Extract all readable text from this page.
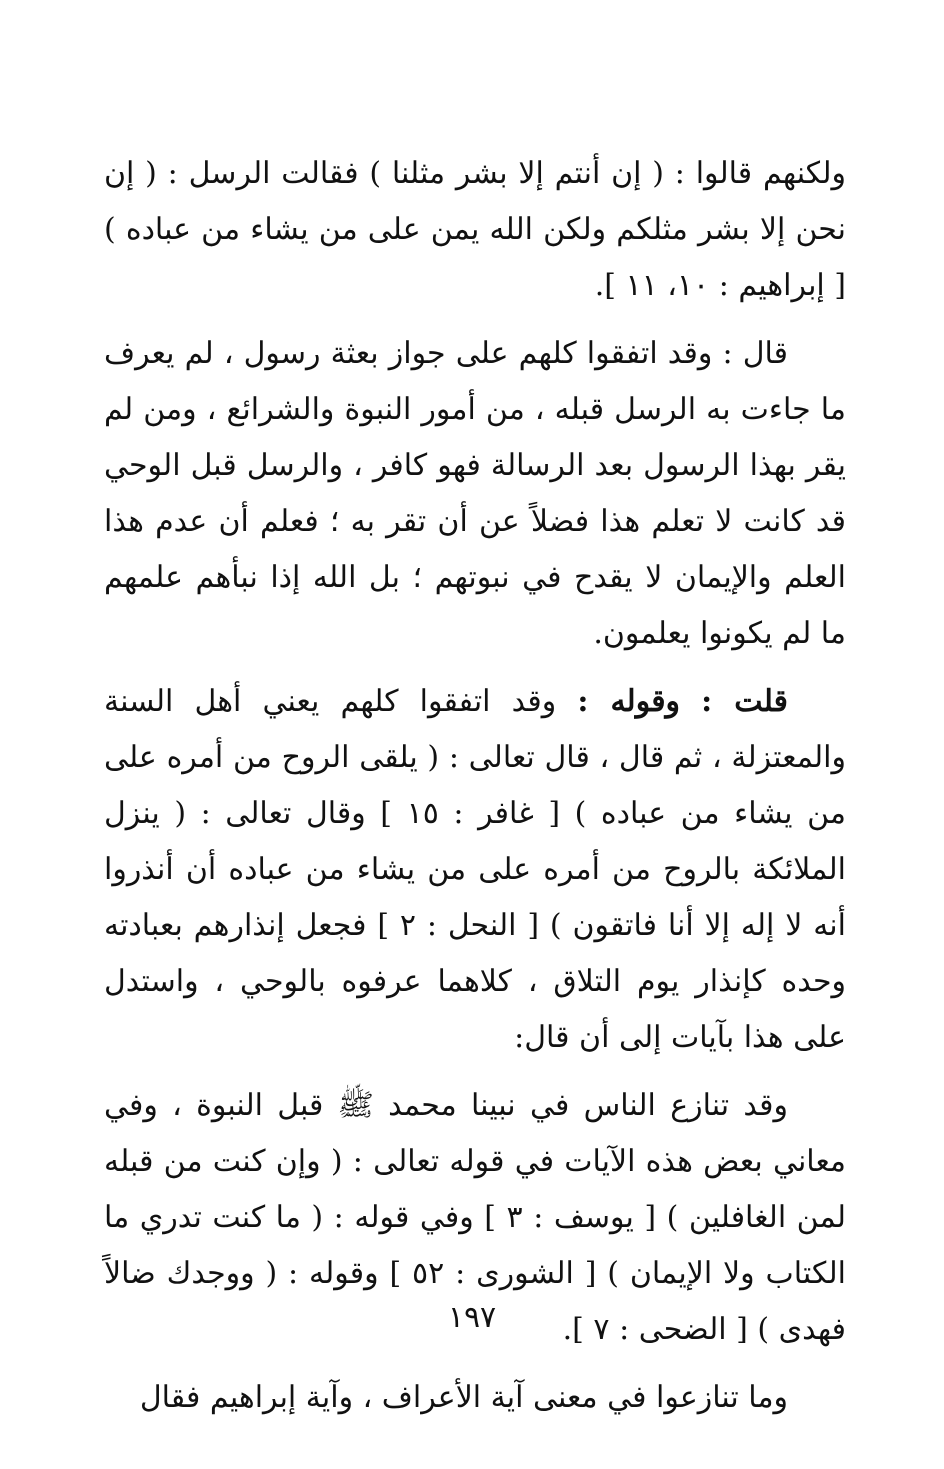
ولكنهم قالوا : ( إن أنتم إلا بشر مثلنا ) فقالت الرسل : ( إن نحن إلا بشر مثلكم ولكن الله يمن على من يشاء من عباده ) [ إبراهيم : ١٠، ١١ ].

قال : وقد اتفقوا كلهم على جواز بعثة رسول ، لم يعرف ما جاءت به الرسل قبله ، من أمور النبوة والشرائع ، ومن لم يقر بهذا الرسول بعد الرسالة فهو كافر ، والرسل قبل الوحي قد كانت لا تعلم هذا فضلاً عن أن تقر به ؛ فعلم أن عدم هذا العلم والإيمان لا يقدح في نبوتهم ؛ بل الله إذا نبأهم علمهم ما لم يكونوا يعلمون.

قلت : وقوله : وقد اتفقوا كلهم يعني أهل السنة والمعتزلة ، ثم قال ، قال تعالى : ( يلقى الروح من أمره على من يشاء من عباده ) [ غافر : ١٥ ] وقال تعالى : ( ينزل الملائكة بالروح من أمره على من يشاء من عباده أن أنذروا أنه لا إله إلا أنا فاتقون ) [ النحل : ٢ ] فجعل إنذارهم بعبادته وحده كإنذار يوم التلاق ، كلاهما عرفوه بالوحي ، واستدل على هذا بآيات إلى أن قال:

وقد تنازع الناس في نبينا محمد ﷺ قبل النبوة ، وفي معاني بعض هذه الآيات في قوله تعالى : ( وإن كنت من قبله لمن الغافلين ) [ يوسف : ٣ ] وفي قوله : ( ما كنت تدري ما الكتاب ولا الإيمان ) [ الشورى : ٥٢ ] وقوله : ( ووجدك ضالاً فهدى ) [ الضحى : ٧ ].

وما تنازعوا في معنى آية الأعراف ، وآية إبراهيم فقال

١٩٧
